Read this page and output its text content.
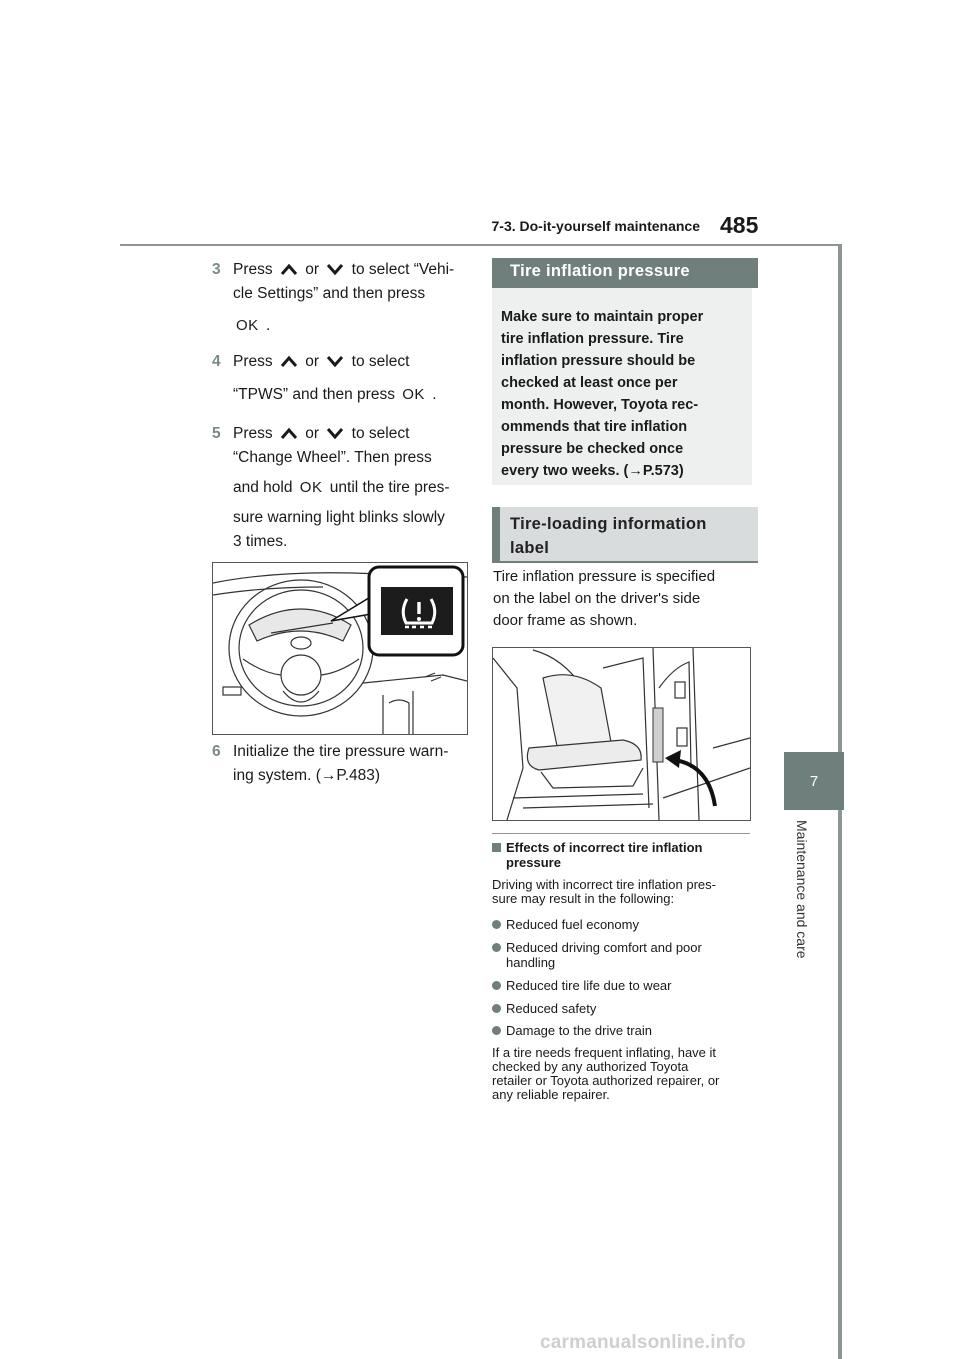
7-3. Do-it-yourself maintenance 485
7
Maintenance and care
3 Press or to select “Vehi-
cle Settings” and then press
OK .
4 Press or to select
“TPWS” and then press OK .
5 Press or to select
“Change Wheel”. Then press
and hold OK until the tire pres-
sure warning light blinks slowly
3 times.
6 Initialize the tire pressure warn-
ing system. (→P.483)
Tire inflation pressure
Make sure to maintain proper
tire inflation pressure. Tire
inflation pressure should be
checked at least once per
month. However, Toyota rec-
ommends that tire inflation
pressure be checked once
every two weeks. (→P.573)
Tire-loading information
label
Tire inflation pressure is specified
on the label on the driver's side
door frame as shown.
Effects of incorrect tire inflation
pressure
Driving with incorrect tire inflation pres-
sure may result in the following:
Reduced fuel economy
Reduced driving comfort and poor handling
Reduced tire life due to wear
Reduced safety
Damage to the drive train
If a tire needs frequent inflating, have it
checked by any authorized Toyota
retailer or Toyota authorized repairer, or
any reliable repairer.
carmanualsonline.info
